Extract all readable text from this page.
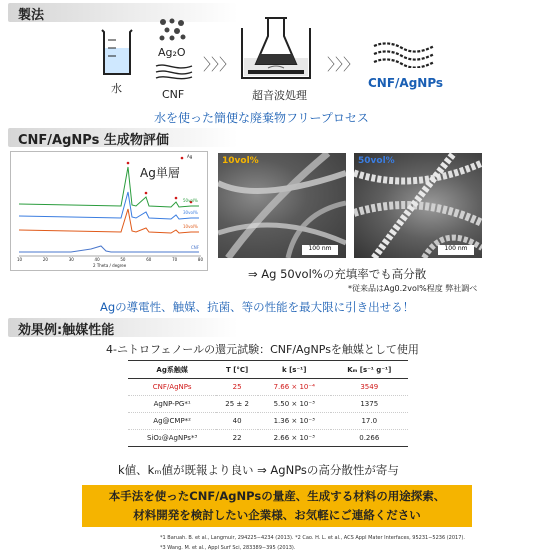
製法
水
Ag₂O
CNF
〉〉〉
超音波処理
〉〉〉
CNF/AgNPs
水を使った簡便な廃棄物フリープロセス
CNF/AgNPs 生成物評価
Ag
50vol%
30vol%
10vol%
CNF
2 Theta / degree
10	20	30	40	50	60	70	80
Ag単層
10vol%
100 nm
50vol%
100 nm
⇒ Ag 50vol%の充填率でも高分散
*従来品はAg0.2vol%程度 弊社調べ
Agの導電性、触媒、抗菌、等の性能を最大限に引き出せる！
効果例:触媒性能
4-ニトロフェノールの還元試験：CNF/AgNPsを触媒として使用
Ag系触媒	T [°C]	k [s⁻¹]	Kₘ [s⁻¹ g⁻¹]
CNF/AgNPs	25	7.66 × 10⁻⁴	3549
AgNP-PG*¹	25 ± 2	5.50 × 10⁻³	1375
Ag@CMP*²	40	1.36 × 10⁻³	17.0
SiO₂@AgNPs*³	22	2.66 × 10⁻³	0.266
k値、kₘ値が既報より良い ⇒ AgNPsの高分散性が寄与
本手法を使ったCNF/AgNPsの量産、生成する材料の用途探索、
材料開発を検討したい企業様、お気軽にご連絡ください
*1 Baruah. B. et al., Langmuir, 294225−4234 (2013). *2 Cao. H. L. et al., ACS Appl Mater Interfaces, 95231−5236 (2017).
*3 Wang. M. et al., Appl Surf Sci, 283389−395 (2013).
